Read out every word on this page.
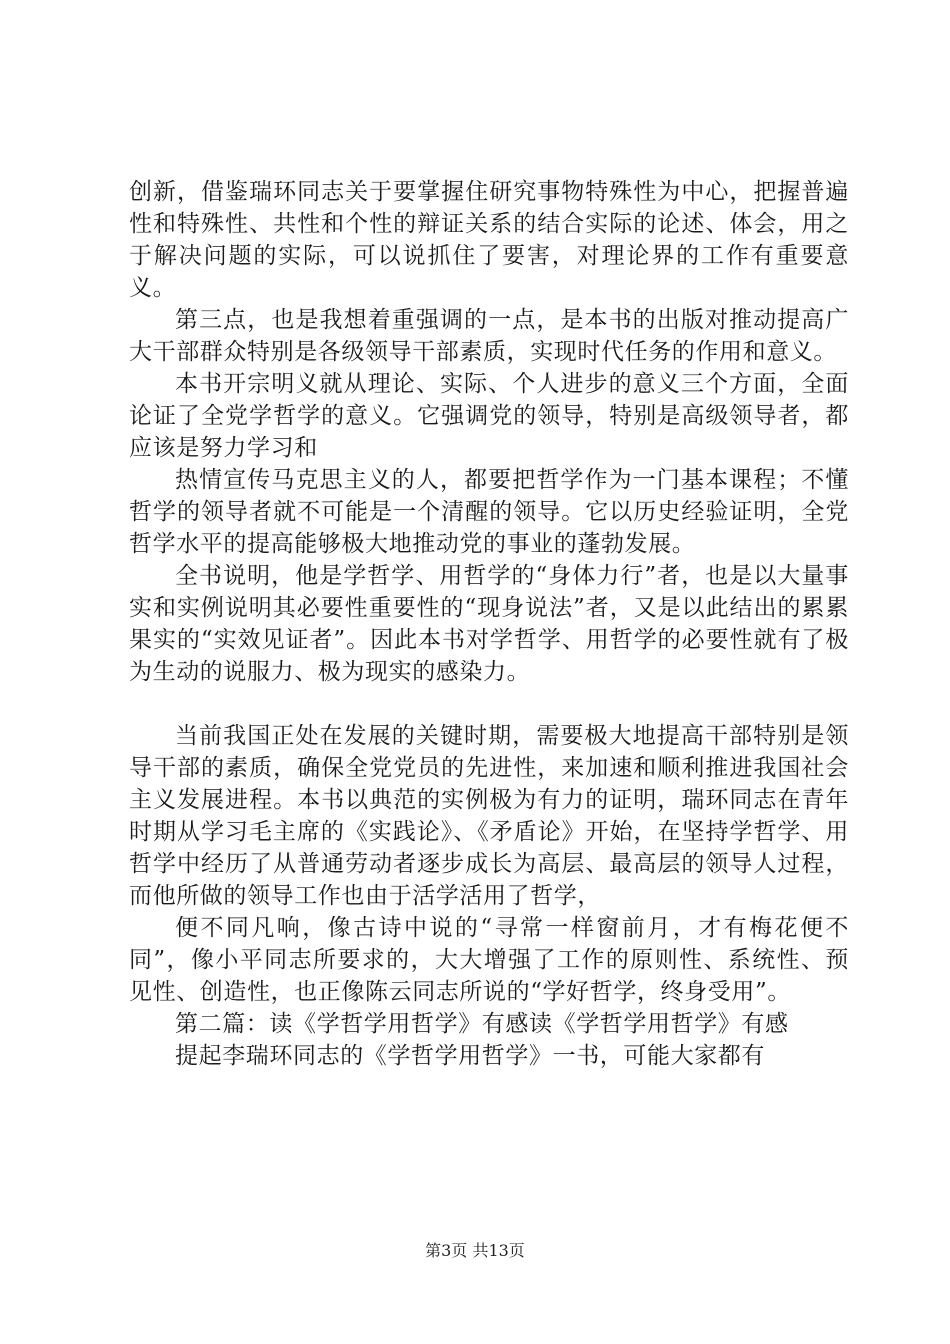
创新，借鉴瑞环同志关于要掌握住研究事物特殊性为中心，把握普遍性和特殊性、共性和个性的辩证关系的结合实际的论述、体会，用之于解决问题的实际，可以说抓住了要害，对理论界的工作有重要意义。

第三点，也是我想着重强调的一点，是本书的出版对推动提高广大干部群众特别是各级领导干部素质，实现时代任务的作用和意义。

本书开宗明义就从理论、实际、个人进步的意义三个方面，全面论证了全党学哲学的意义。它强调党的领导，特别是高级领导者，都应该是努力学习和

热情宣传马克思主义的人，都要把哲学作为一门基本课程；不懂哲学的领导者就不可能是一个清醒的领导。它以历史经验证明，全党哲学水平的提高能够极大地推动党的事业的蓬勃发展。

全书说明，他是学哲学、用哲学的“身体力行”者，也是以大量事实和实例说明其必要性重要性的“现身说法”者，又是以此结出的累累果实的“实效见证者”。因此本书对学哲学、用哲学的必要性就有了极为生动的说服力、极为现实的感染力。

当前我国正处在发展的关键时期，需要极大地提高干部特别是领导干部的素质，确保全党党员的先进性，来加速和顺利推进我国社会主义发展进程。本书以典范的实例极为有力的证明，瑞环同志在青年时期从学习毛主席的《实践论》、《矛盾论》开始，在坚持学哲学、用哲学中经历了从普通劳动者逐步成长为高层、最高层的领导人过程，而他所做的领导工作也由于活学活用了哲学，

便不同凡响，像古诗中说的“寻常一样窗前月，才有梅花便不同”，像小平同志所要求的，大大增强了工作的原则性、系统性、预见性、创造性，也正像陈云同志所说的“学好哲学，终身受用”。

第二篇：读《学哲学用哲学》有感读《学哲学用哲学》有感

提起李瑞环同志的《学哲学用哲学》一书，可能大家都有

第3页 共13页
